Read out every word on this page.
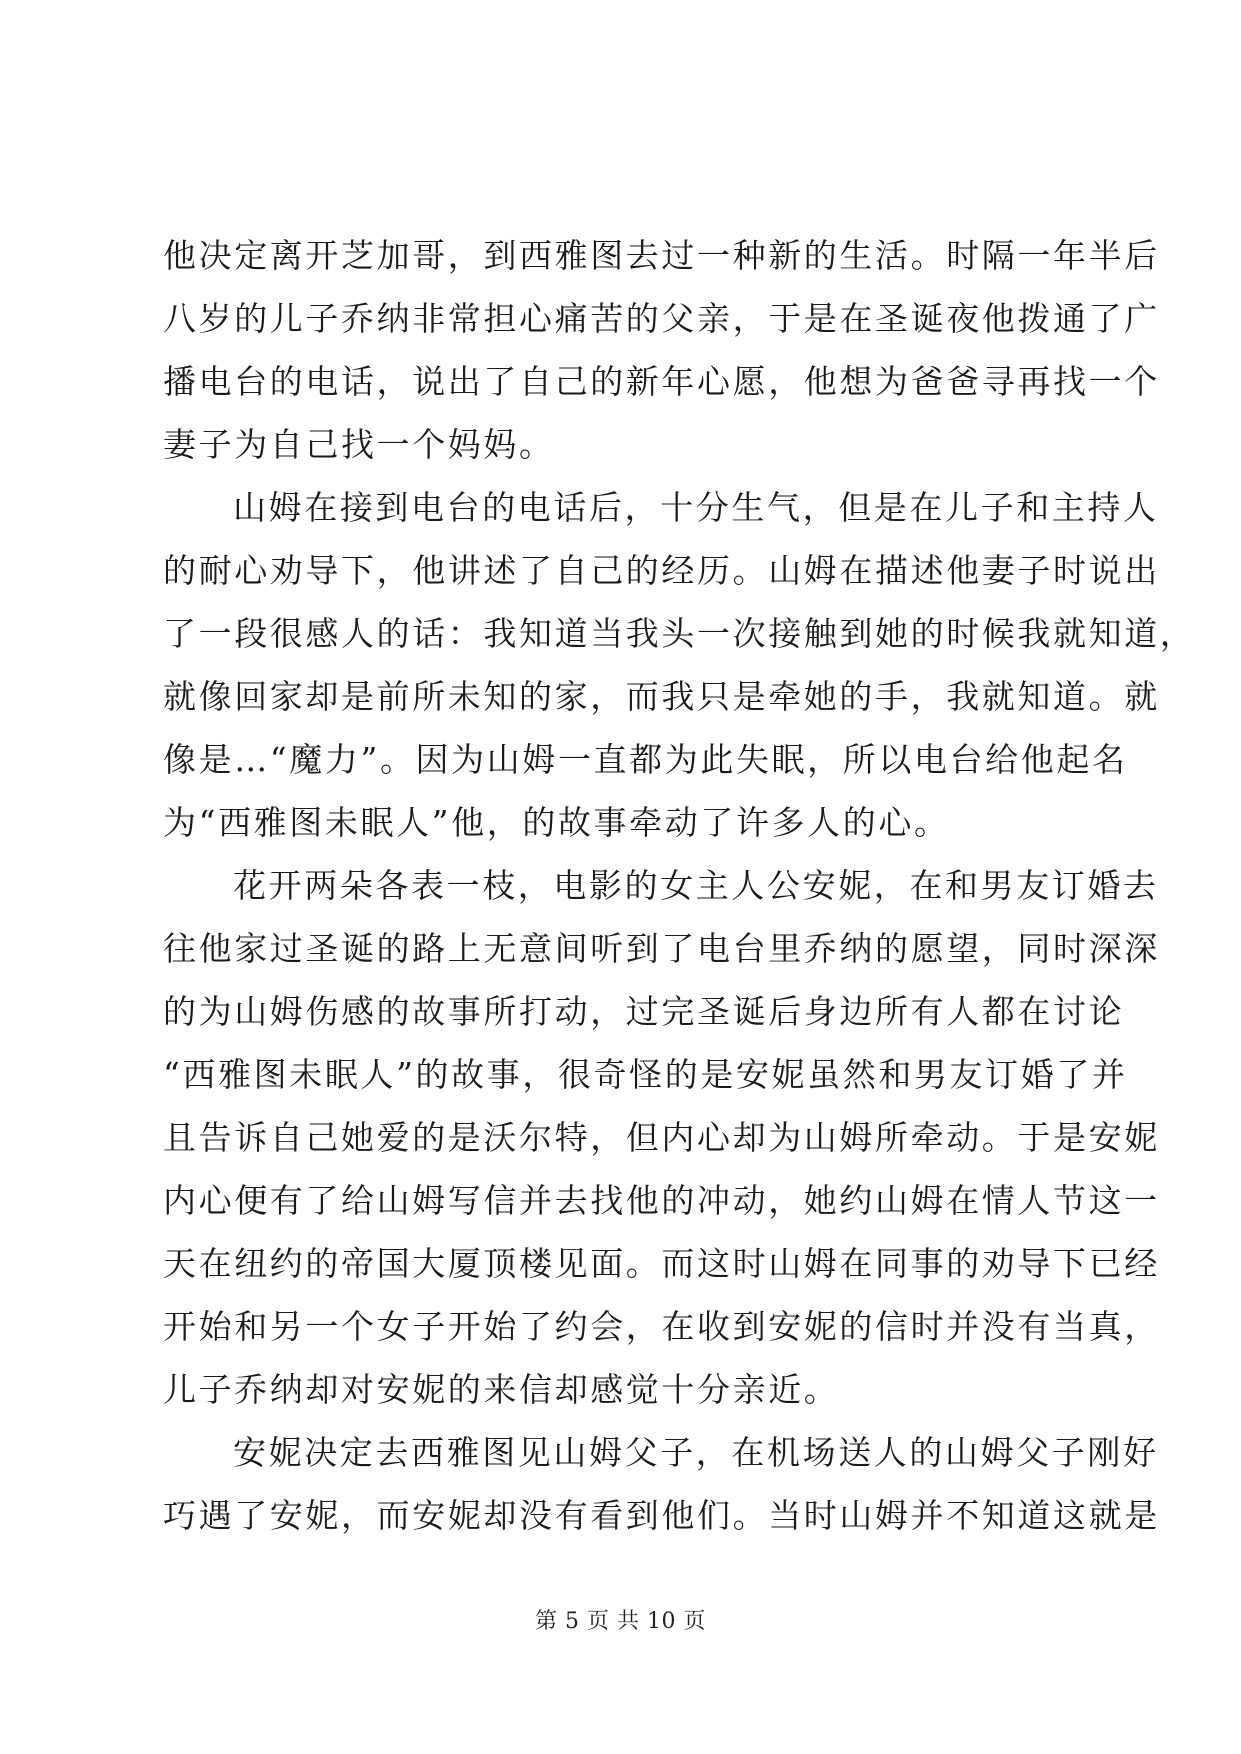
他决定离开芝加哥，到西雅图去过一种新的生活。时隔一年半后
八岁的儿子乔纳非常担心痛苦的父亲，于是在圣诞夜他拨通了广
播电台的电话，说出了自己的新年心愿，他想为爸爸寻再找一个
妻子为自己找一个妈妈。
山姆在接到电台的电话后，十分生气，但是在儿子和主持人
的耐心劝导下，他讲述了自己的经历。山姆在描述他妻子时说出
了一段很感人的话：我知道当我头一次接触到她的时候我就知道，
就像回家却是前所未知的家，而我只是牵她的手，我就知道。就
像是…“魔力”。因为山姆一直都为此失眠，所以电台给他起名
为“西雅图未眠人”他，的故事牵动了许多人的心。
花开两朵各表一枝，电影的女主人公安妮，在和男友订婚去
往他家过圣诞的路上无意间听到了电台里乔纳的愿望，同时深深
的为山姆伤感的故事所打动，过完圣诞后身边所有人都在讨论
“西雅图未眠人”的故事，很奇怪的是安妮虽然和男友订婚了并
且告诉自己她爱的是沃尔特，但内心却为山姆所牵动。于是安妮
内心便有了给山姆写信并去找他的冲动，她约山姆在情人节这一
天在纽约的帝国大厦顶楼见面。而这时山姆在同事的劝导下已经
开始和另一个女子开始了约会，在收到安妮的信时并没有当真，
儿子乔纳却对安妮的来信却感觉十分亲近。
安妮决定去西雅图见山姆父子，在机场送人的山姆父子刚好
巧遇了安妮，而安妮却没有看到他们。当时山姆并不知道这就是
第 5 页 共 10 页
